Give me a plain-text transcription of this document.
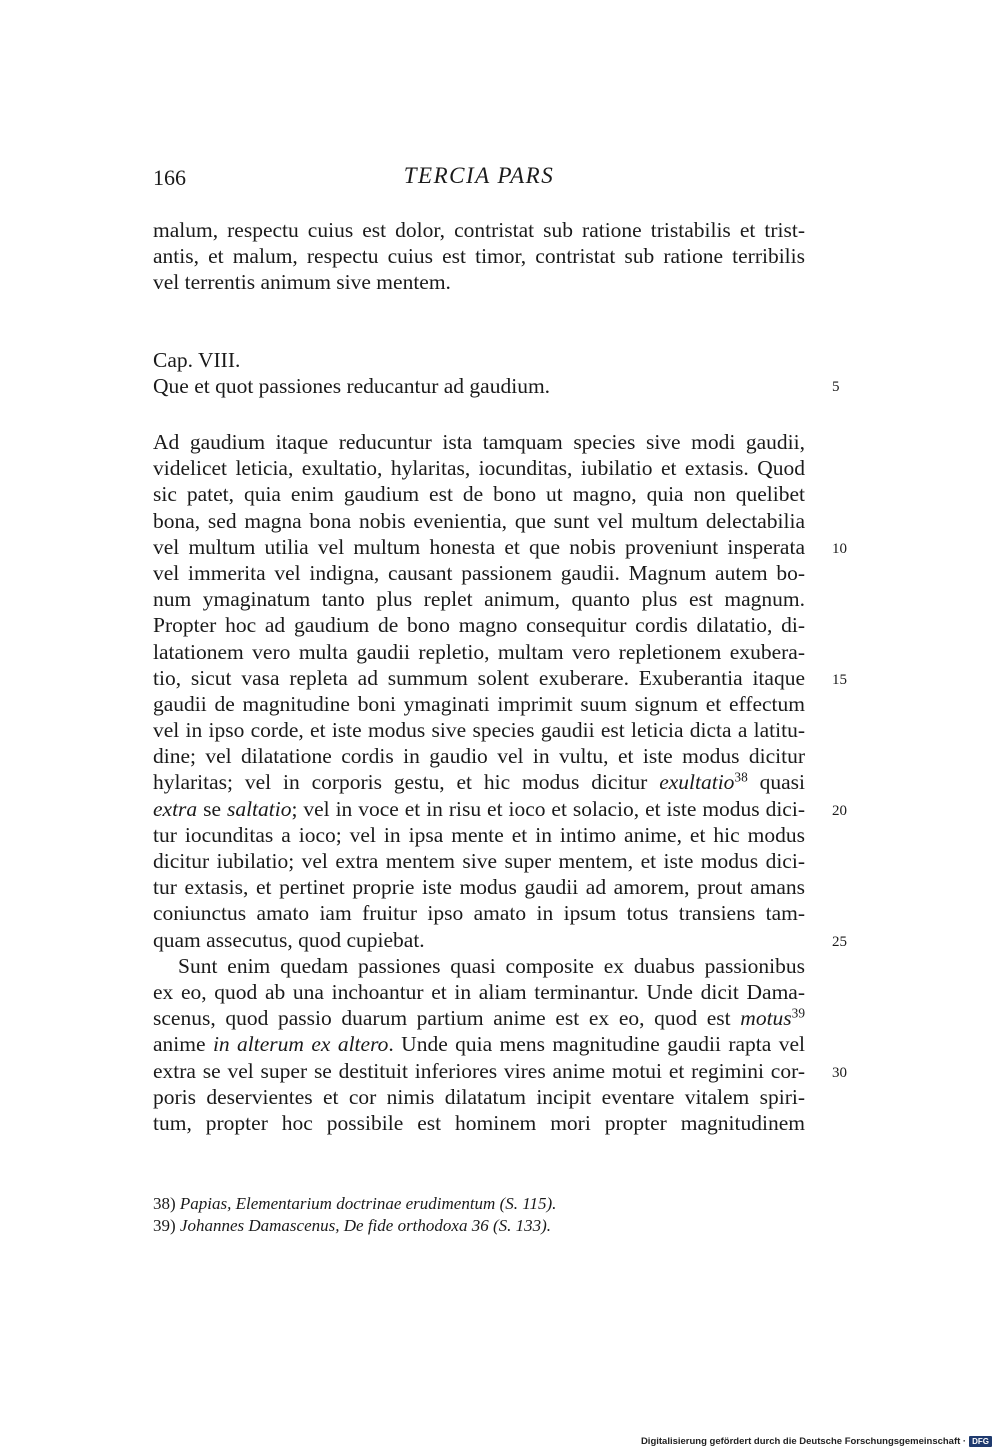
166	TERCIA PARS
malum, respectu cuius est dolor, contristat sub ratione tristabilis et trist-
antis, et malum, respectu cuius est timor, contristat sub ratione terribilis
vel terrentis animum sive mentem.
Cap. VIII.
Que et quot passiones reducantur ad gaudium.
Ad gaudium itaque reducuntur ista tamquam species sive modi gaudii,
videlicet leticia, exultatio, hylaritas, iocunditas, iubilatio et extasis. Quod
sic patet, quia enim gaudium est de bono ut magno, quia non quelibet
bona, sed magna bona nobis evenientia, que sunt vel multum delectabilia
vel multum utilia vel multum honesta et que nobis proveniunt insperata
vel immerita vel indigna, causant passionem gaudii. Magnum autem bo-
num ymaginatum tanto plus replet animum, quanto plus est magnum.
Propter hoc ad gaudium de bono magno consequitur cordis dilatatio, di-
latationem vero multa gaudii repletio, multam vero repletionem exubera-
tio, sicut vasa repleta ad summum solent exuberare. Exuberantia itaque
gaudii de magnitudine boni ymaginati imprimit suum signum et effectum
vel in ipso corde, et iste modus sive species gaudii est leticia dicta a latitu-
dine; vel dilatatione cordis in gaudio vel in vultu, et iste modus dicitur
hylaritas; vel in corporis gestu, et hic modus dicitur exultatio$^{38}$ quasi
extra se saltatio; vel in voce et in risu et ioco et solacio, et iste modus dici-
tur iocunditas a ioco; vel in ipsa mente et in intimo anime, et hic modus
dicitur iubilatio; vel extra mentem sive super mentem, et iste modus dici-
tur extasis, et pertinet proprie iste modus gaudii ad amorem, prout amans
coniunctus amato iam fruitur ipso amato in ipsum totus transiens tam-
quam assecutus, quod cupiebat.
Sunt enim quedam passiones quasi composite ex duabus passionibus
ex eo, quod ab una inchoantur et in aliam terminantur. Unde dicit Dama-
scenus, quod passio duarum partium anime est ex eo, quod est motus$^{39}$
anime in alterum ex altero. Unde quia mens magnitudine gaudii rapta vel
extra se vel super se destituit inferiores vires anime motui et regimini cor-
poris deservientes et cor nimis dilatatum incipit eventare vitalem spiri-
tum, propter hoc possibile est hominem mori propter magnitudinem
5
10
15
20
25
30
38) Papias, Elementarium doctrinae erudimentum (S. 115).
39) Johannes Damascenus, De fide orthodoxa 36 (S. 133).
Digitalisierung gefördert durch die Deutsche Forschungsgemeinschaft · DFG
